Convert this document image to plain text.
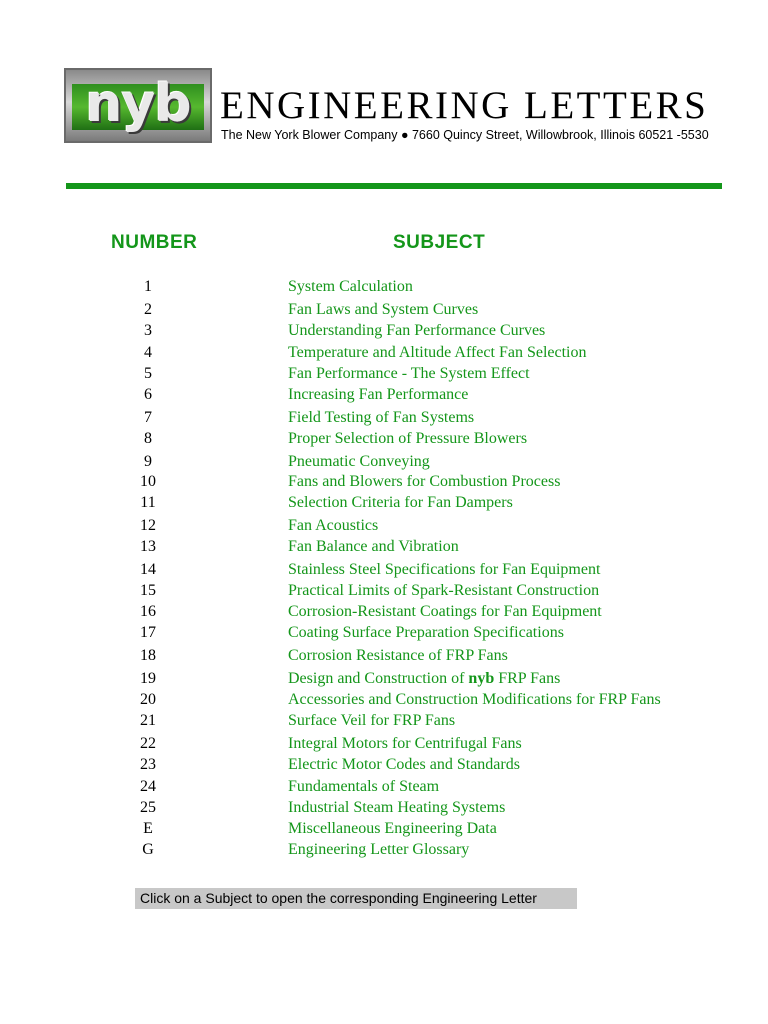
nyb ENGINEERING LETTERS
The New York Blower Company ● 7660 Quincy Street, Willowbrook, Illinois 60521 -5530
NUMBER	SUBJECT
1	System Calculation
2	Fan Laws and System Curves
3	Understanding Fan Performance Curves
4	Temperature and Altitude Affect Fan Selection
5	Fan Performance - The System Effect
6	Increasing Fan Performance
7	Field Testing of Fan Systems
8	Proper Selection of Pressure Blowers
9	Pneumatic Conveying
10	Fans and Blowers for Combustion Process
11	Selection Criteria for Fan Dampers
12	Fan Acoustics
13	Fan Balance and Vibration
14	Stainless Steel Specifications for Fan Equipment
15	Practical Limits of Spark-Resistant Construction
16	Corrosion-Resistant Coatings for Fan Equipment
17	Coating Surface Preparation Specifications
18	Corrosion Resistance of FRP Fans
19	Design and Construction of nyb FRP Fans
20	Accessories and Construction Modifications for FRP Fans
21	Surface Veil for FRP Fans
22	Integral Motors for Centrifugal Fans
23	Electric Motor Codes and Standards
24	Fundamentals of Steam
25	Industrial Steam Heating Systems
E	Miscellaneous Engineering Data
G	Engineering Letter Glossary
Click on a Subject to open the corresponding Engineering Letter
